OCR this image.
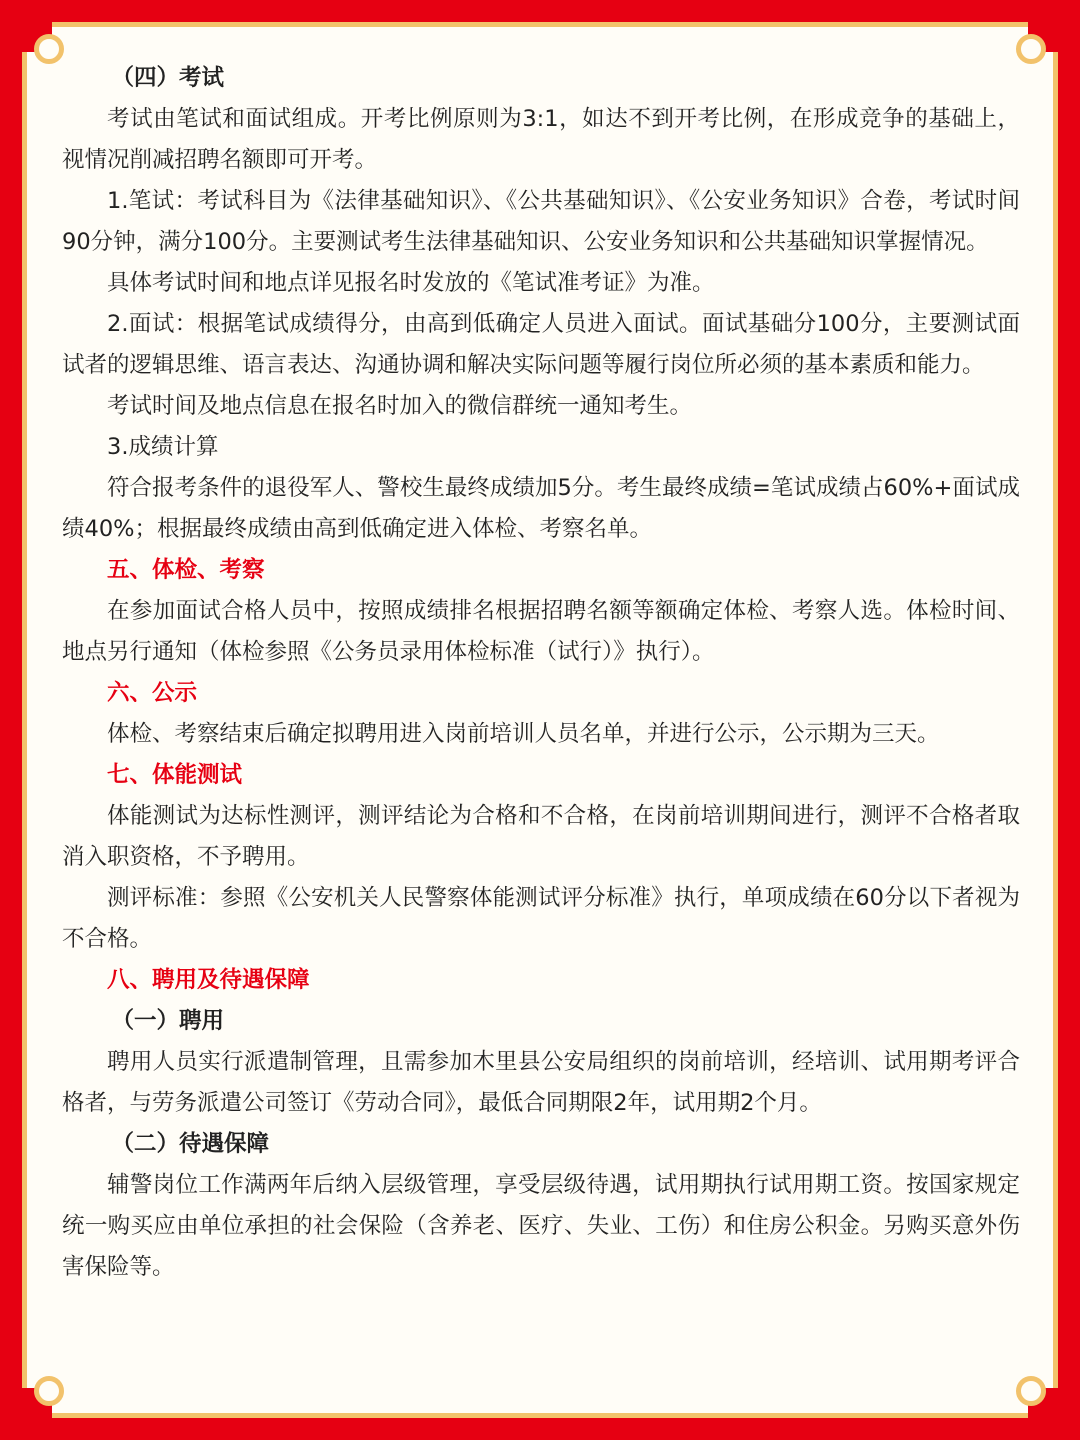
（四）考试

考试由笔试和面试组成。开考比例原则为3:1，如达不到开考比例，在形成竞争的基础上，视情况削减招聘名额即可开考。

1.笔试：考试科目为《法律基础知识》、《公共基础知识》、《公安业务知识》合卷，考试时间90分钟，满分100分。主要测试考生法律基础知识、公安业务知识和公共基础知识掌握情况。

具体考试时间和地点详见报名时发放的《笔试准考证》为准。

2.面试：根据笔试成绩得分，由高到低确定人员进入面试。面试基础分100分，主要测试面试者的逻辑思维、语言表达、沟通协调和解决实际问题等履行岗位所必须的基本素质和能力。

考试时间及地点信息在报名时加入的微信群统一通知考生。

3.成绩计算

符合报考条件的退役军人、警校生最终成绩加5分。考生最终成绩=笔试成绩占60%+面试成绩40%；根据最终成绩由高到低确定进入体检、考察名单。

五、体检、考察

在参加面试合格人员中，按照成绩排名根据招聘名额等额确定体检、考察人选。体检时间、地点另行通知（体检参照《公务员录用体检标准（试行）》执行）。

六、公示

体检、考察结束后确定拟聘用进入岗前培训人员名单，并进行公示，公示期为三天。

七、体能测试

体能测试为达标性测评，测评结论为合格和不合格，在岗前培训期间进行，测评不合格者取消入职资格，不予聘用。

测评标准：参照《公安机关人民警察体能测试评分标准》执行，单项成绩在60分以下者视为不合格。

八、聘用及待遇保障

（一）聘用

聘用人员实行派遣制管理，且需参加木里县公安局组织的岗前培训，经培训、试用期考评合格者，与劳务派遣公司签订《劳动合同》，最低合同期限2年，试用期2个月。

（二）待遇保障

辅警岗位工作满两年后纳入层级管理，享受层级待遇，试用期执行试用期工资。按国家规定统一购买应由单位承担的社会保险（含养老、医疗、失业、工伤）和住房公积金。另购买意外伤害保险等。
